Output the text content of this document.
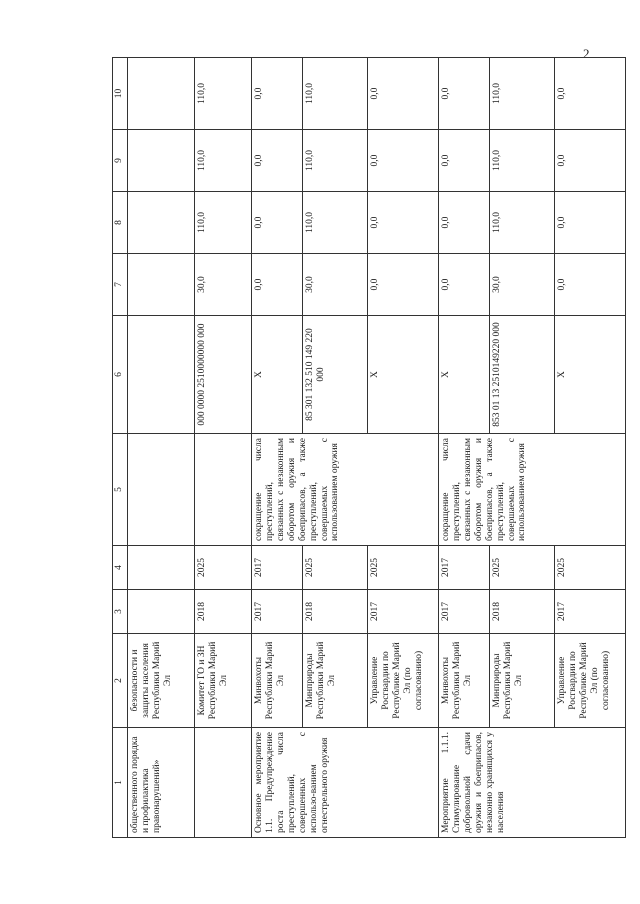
2
1	2	3	4	5	6	7	8	9	10
общественного порядка и профилактика правонарушений»	безопасности и защиты населения Республики Марий Эл								
	Комитет ГО и ЗН Республики Марий Эл	2018	2025		000 0000 2510000000 000	30,0	110,0	110,0	110,0
Основное мероприятие 1.1. Предупреждение роста числа преступлений, совершенных с использо-ванием огнестрельного оружия	Минвохоты Республики Марий Эл	2017	2017	сокращение числа преступлений, связанных с незаконным оборотом оружия и боеприпасов, а также преступлений, совершаемых с использованием оружия	X	0,0	0,0	0,0	0,0
	Минприроды Республики Марий Эл	2018	2025		85 301 132 510 149 220 000	30,0	110,0	110,0	110,0
	Управление Росгвардии по Республике Марий Эл (по согласованию)	2017	2025		X	0,0	0,0	0,0	0,0
Мероприятие 1.1.1. Стимулирование добровольной сдачи оружия и боеприпасов, незаконно хранящихся у населения	Минвохоты Республики Марий Эл	2017	2017	сокращение числа преступлений, связанных с незаконным оборотом оружия и боеприпасов, а также преступлений, совершаемых с использованием оружия	X	0,0	0,0	0,0	0,0
	Минприроды Республики Марий Эл	2018	2025		853 01 13 2510149220 000	30,0	110,0	110,0	110,0
	Управление Росгвардии по Республике Марий Эл (по согласованию)	2017	2025		X	0,0	0,0	0,0	0,0
